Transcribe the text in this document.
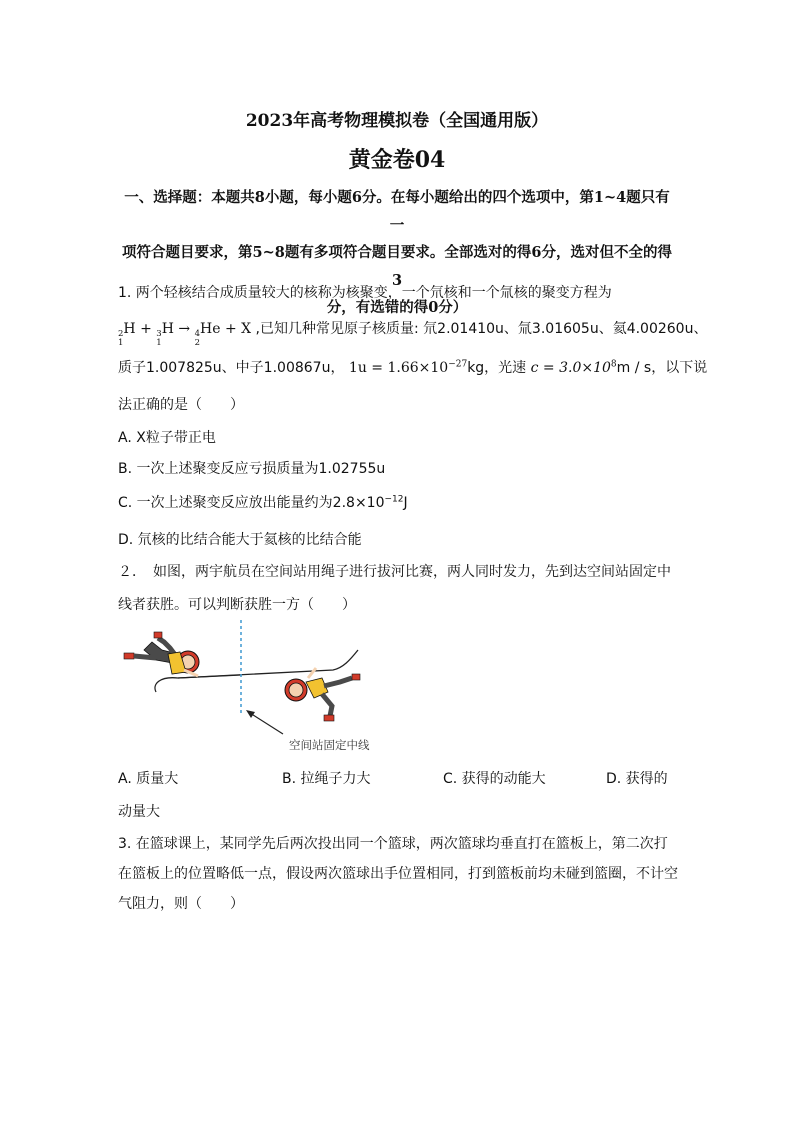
2023年高考物理模拟卷（全国通用版）
黄金卷04
一、选择题：本题共8小题，每小题6分。在每小题给出的四个选项中，第1~4题只有一
项符合题目要求，第5~8题有多项符合题目要求。全部选对的得6分，选对但不全的得3
分，有选错的得0分）
1. 两个轻核结合成质量较大的核称为核聚变，一个氘核和一个氚核的聚变方程为
2
1
H + 3
1
H → 4
2
He + X ,已知几种常见原子核质量: 氘2.01410u、氚3.01605u、氦4.00260u、
质子1.007825u、中子1.00867u， $1u = 1.66\times 10^{-27}kg$，光速 $c = 3.0\times 10^8m / s$，以下说
法正确的是（　　）
A. X粒子带正电
B. 一次上述聚变反应亏损质量为1.02755u
C. 一次上述聚变反应放出能量约为$2.8\times 10^{-12}J$
D. 氘核的比结合能大于氦核的比结合能
２．　如图，两宇航员在空间站用绳子进行拔河比赛，两人同时发力，先到达空间站固定中
线者获胜。可以判断获胜一方（　　）
空间站固定中线
A. 质量大	B. 拉绳子力大	C. 获得的动能大	D. 获得的
动量大
3. 在篮球课上，某同学先后两次投出同一个篮球，两次篮球均垂直打在篮板上，第二次打
在篮板上的位置略低一点，假设两次篮球出手位置相同，打到篮板前均未碰到篮圈，不计空
气阻力，则（　　）
